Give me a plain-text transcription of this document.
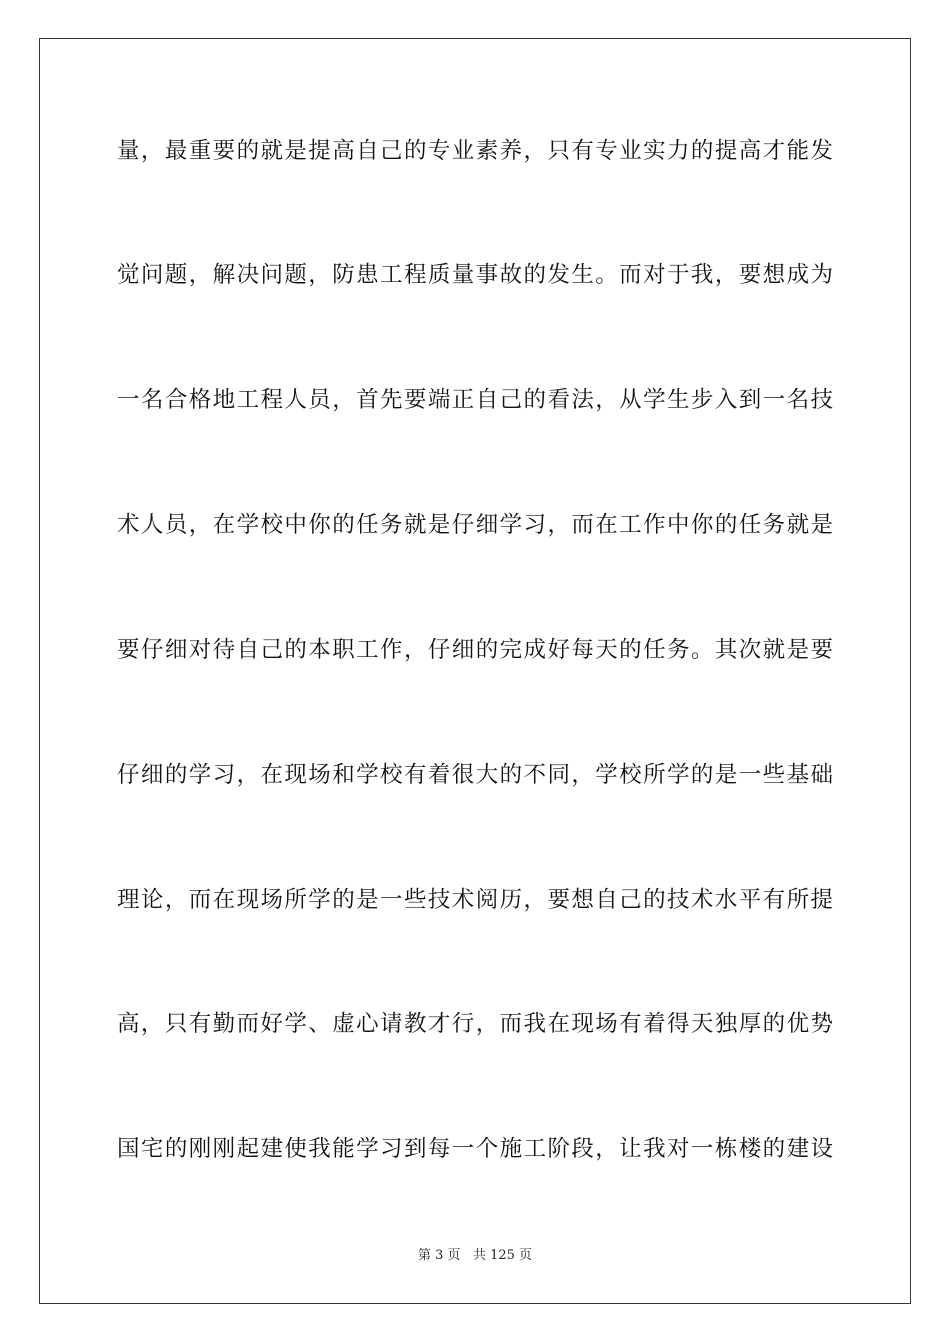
量，最重要的就是提高自己的专业素养，只有专业实力的提高才能发
觉问题，解决问题，防患工程质量事故的发生。而对于我，要想成为
一名合格地工程人员，首先要端正自己的看法，从学生步入到一名技
术人员，在学校中你的任务就是仔细学习，而在工作中你的任务就是
要仔细对待自己的本职工作，仔细的完成好每天的任务。其次就是要
仔细的学习，在现场和学校有着很大的不同，学校所学的是一些基础
理论，而在现场所学的是一些技术阅历，要想自己的技术水平有所提
高，只有勤而好学、虚心请教才行，而我在现场有着得天独厚的优势
国宅的刚刚起建使我能学习到每一个施工阶段，让我对一栋楼的建设
第 3 页 共 125 页
